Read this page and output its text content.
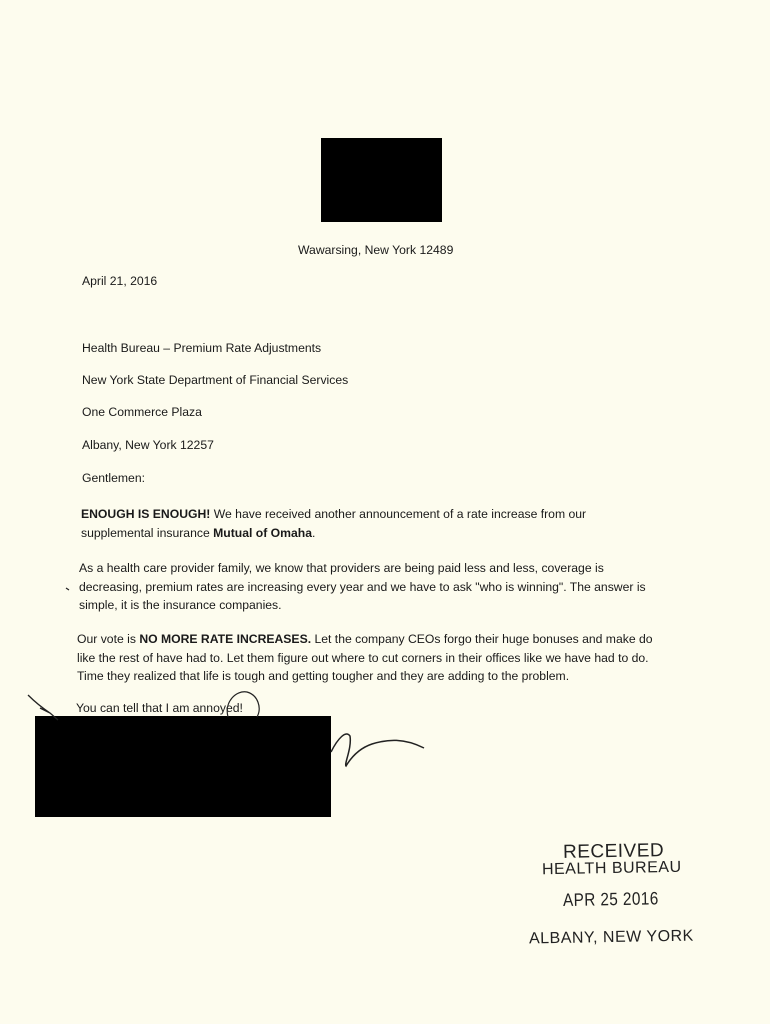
Wawarsing, New York 12489
April 21, 2016
Health Bureau – Premium Rate Adjustments
New York State Department of Financial Services
One Commerce Plaza
Albany, New York 12257
Gentlemen:

ENOUGH IS ENOUGH! We have received another announcement of a rate increase from our supplemental insurance Mutual of Omaha.

As a health care provider family, we know that providers are being paid less and less, coverage is decreasing, premium rates are increasing every year and we have to ask "who is winning". The answer is simple, it is the insurance companies.

Our vote is NO MORE RATE INCREASES. Let the company CEOs forgo their huge bonuses and make do like the rest of have had to. Let them figure out where to cut corners in their offices like we have had to do. Time they realized that life is tough and getting tougher and they are adding to the problem.

You can tell that I am annoyed!
RECEIVED
HEALTH BUREAU
APR 25 2016
ALBANY, NEW YORK
